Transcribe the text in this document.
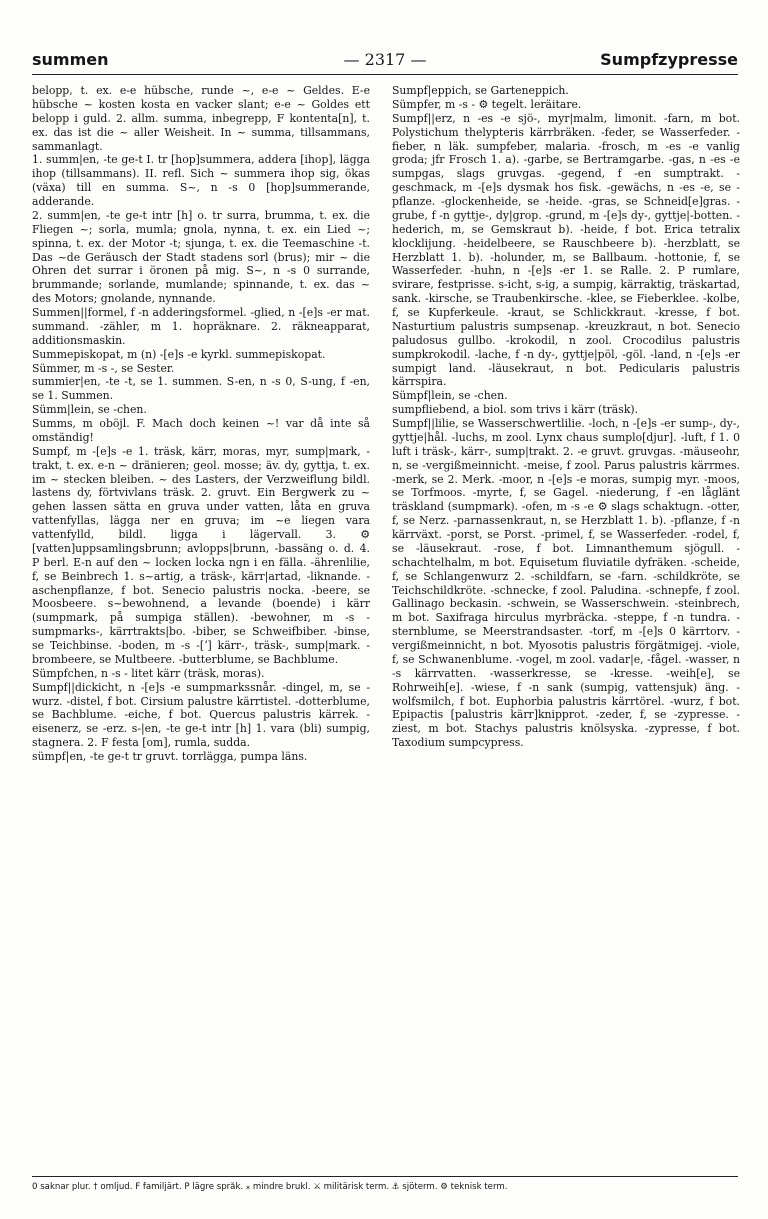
summen	— 2317 —	Sumpfzypresse

belopp, t. ex. e-e hübsche, runde ~, e-e ~ Geldes. E-e hübsche ~ kosten kosta en vacker slant; e-e ~ Goldes ett belopp i guld. 2. allm. summa, inbegrepp, F kontenta[n], t. ex. das ist die ~ aller Weisheit. In ~ summa, tillsammans, sammanlagt.

1. summ|en, -te ge-t I. tr [hop]summera, addera [ihop], lägga ihop (tillsammans). II. refl. Sich ~ summera ihop sig, ökas (växa) till en summa. S~, n -s 0 [hop]summerande, adderande.

2. summ|en, -te ge-t intr [h] o. tr surra, brumma, t. ex. die Fliegen ~; sorla, mumla; gnola, nynna, t. ex. ein Lied ~; spinna, t. ex. der Motor -t; sjunga, t. ex. die Teemaschine -t. Das ~de Geräusch der Stadt stadens sorl (brus); mir ~ die Ohren det surrar i öronen på mig. S~, n -s 0 surrande, brummande; sorlande, mumlande; spinnande, t. ex. das ~ des Motors; gnolande, nynnande.

Summen||formel, f -n adderingsformel. -glied, n -[e]s -er mat. summand. -zähler, m 1. hopräknare. 2. räkneapparat, additionsmaskin.

Summepiskopat, m (n) -[e]s -e kyrkl. summepiskopat.

Sümmer, m -s -, se Sester.

summier|en, -te -t, se 1. summen. S-en, n -s 0, S-ung, f -en, se 1. Summen.

Sümm|lein, se -chen.

Summs, m oböjl. F. Mach doch keinen ~! var då inte så omständig!

Sumpf, m -[e]s -e 1. träsk, kärr, moras, myr, sump|mark, -trakt, t. ex. e-n ~ dränieren; geol. mosse; äv. dy, gyttja, t. ex. im ~ stecken bleiben. ~ des Lasters, der Verzweiflung bildl. lastens dy, förtvivlans träsk. 2. gruvt. Ein Bergwerk zu ~ gehen lassen sätta en gruva under vatten, låta en gruva vattenfyllas, lägga ner en gruva; im ~e liegen vara vattenfylld, bildl. ligga i lägervall. 3. ⚙ [vatten]uppsamlingsbrunn; avlopps|brunn, -bassäng o. d. 4. P berl. E-n auf den ~ locken locka ngn i en fälla. -ährenlilie, f, se Beinbrech 1. s~artig, a träsk-, kärr|artad, -liknande. -aschenpflanze, f bot. Senecio palustris nocka. -beere, se Moosbeere. s~bewohnend, a levande (boende) i kärr (sumpmark, på sumpiga ställen). -bewohner, m -s - sumpmarks-, kärrtrakts|bo. -biber, se Schweifbiber. -binse, se Teichbinse. -boden, m -s -[ʼ] kärr-, träsk-, sump|mark. -brombeere, se Multbeere. -butterblume, se Bachblume.

Sümpfchen, n -s - litet kärr (träsk, moras).

Sumpf||dickicht, n -[e]s -e sumpmarkssnår. -dingel, m, se -wurz. -distel, f bot. Cirsium palustre kärrtistel. -dotterblume, se Bachblume. -eiche, f bot. Quercus palustris kärrek. -eisenerz, se -erz. s-|en, -te ge-t intr [h] 1. vara (bli) sumpig, stagnera. 2. F festa [om], rumla, sudda.

sümpf|en, -te ge-t tr gruvt. torrlägga, pumpa läns.

Sumpf|eppich, se Garteneppich.

Sümpfer, m -s - ⚙ tegelt. leräitare.

Sumpf||erz, n -es -e sjö-, myr|malm, limonit. -farn, m bot. Polystichum thelypteris kärrbräken. -feder, se Wasserfeder. -fieber, n läk. sumpfeber, malaria. -frosch, m -es -e vanlig groda; jfr Frosch 1. a). -garbe, se Bertramgarbe. -gas, n -es -e sumpgas, slags gruvgas. -gegend, f -en sumptrakt. -geschmack, m -[e]s dysmak hos fisk. -gewächs, n -es -e, se -pflanze. -glockenheide, se -heide. -gras, se Schneid[e]gras. -grube, f -n gyttje-, dy|grop. -grund, m -[e]s dy-, gyttje|-botten. -hederich, m, se Gemskraut b). -heide, f bot. Erica tetralix klocklijung. -heidelbeere, se Rauschbeere b). -herzblatt, se Herzblatt 1. b). -holunder, m, se Ballbaum. -hottonie, f, se Wasserfeder. -huhn, n -[e]s -er 1. se Ralle. 2. P rumlare, svirare, festprisse. s-icht, s-ig, a sumpig, kärraktig, träskartad, sank. -kirsche, se Traubenkirsche. -klee, se Fieberklee. -kolbe, f, se Kupferkeule. -kraut, se Schlickkraut. -kresse, f bot. Nasturtium palustris sumpsenap. -kreuzkraut, n bot. Senecio paludosus gullbo. -krokodil, n zool. Crocodilus palustris sumpkrokodil. -lache, f -n dy-, gyttje|pöl, -göl. -land, n -[e]s -er sumpigt land. -läusekraut, n bot. Pedicularis palustris kärrspira.

Sümpf|lein, se -chen.

sumpfliebend, a biol. som trivs i kärr (träsk).

Sumpf||lilie, se Wasserschwertlilie. -loch, n -[e]s -er sump-, dy-, gyttje|hål. -luchs, m zool. Lynx chaus sumplo[djur]. -luft, f 1. 0 luft i träsk-, kärr-, sump|trakt. 2. -e gruvt. gruvgas. -mäuseohr, n, se -vergißmeinnicht. -meise, f zool. Parus palustris kärrmes. -merk, se 2. Merk. -moor, n -[e]s -e moras, sumpig myr. -moos, se Torfmoos. -myrte, f, se Gagel. -niederung, f -en låglänt träskland (sumpmark). -ofen, m -s -e ⚙ slags schaktugn. -otter, f, se Nerz. -parnassenkraut, n, se Herzblatt 1. b). -pflanze, f -n kärrväxt. -porst, se Porst. -primel, f, se Wasserfeder. -rodel, f, se -läusekraut. -rose, f bot. Limnanthemum sjögull. -schachtelhalm, m bot. Equisetum fluviatile dyfräken. -scheide, f, se Schlangenwurz 2. -schildfarn, se -farn. -schildkröte, se Teichschildkröte. -schnecke, f zool. Paludina. -schnepfe, f zool. Gallinago beckasin. -schwein, se Wasserschwein. -steinbrech, m bot. Saxifraga hirculus myrbräcka. -steppe, f -n tundra. -sternblume, se Meerstrandsaster. -torf, m -[e]s 0 kärrtorv. -vergißmeinnicht, n bot. Myosotis palustris förgätmigej. -viole, f, se Schwanenblume. -vogel, m zool. vadar|e, -fågel. -wasser, n -s kärrvatten. -wasserkresse, se -kresse. -weih[e], se Rohrweih[e]. -wiese, f -n sank (sumpig, vattensjuk) äng. -wolfsmilch, f bot. Euphorbia palustris kärrtörel. -wurz, f bot. Epipactis [palustris kärr]knipprot. -zeder, f, se -zypresse. -ziest, m bot. Stachys palustris knölsyska. -zypresse, f bot. Taxodium sumpcypress.

0 saknar plur. † omljud. F familjärt. P lägre språk. ⁎ mindre brukl. ⚔ militärisk term. ⚓ sjöterm. ⚙ teknisk term.
